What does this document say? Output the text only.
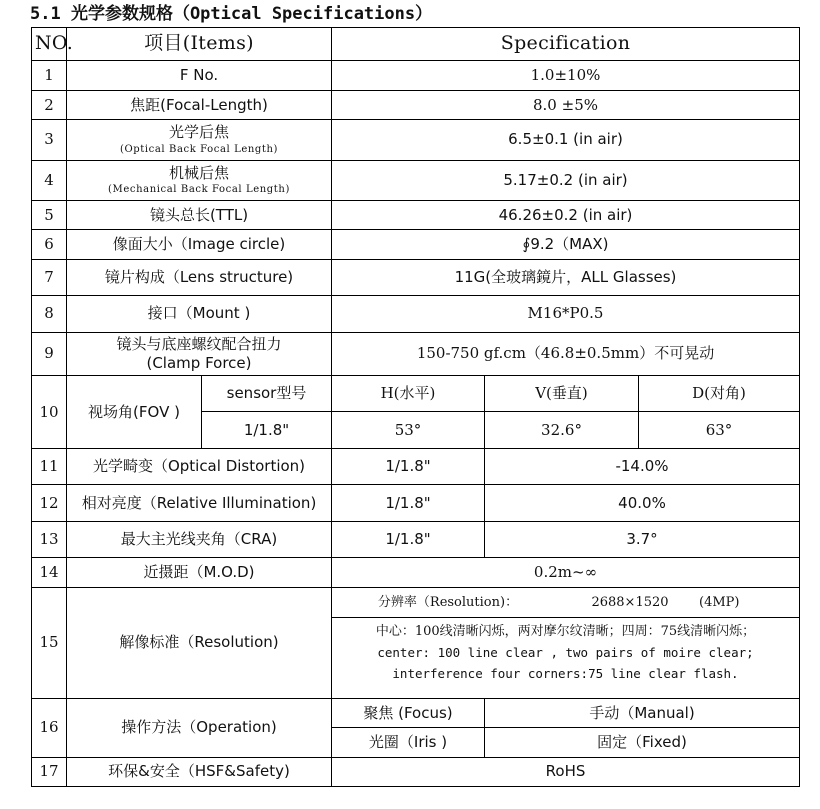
5.1 光学参数规格（Optical Specifications）
NO.	项目(Items)		Specification		
1	F No.		1.0±10%		
2	焦距(Focal-Length)		8.0 ±5%		
3	光学后焦
(Optical Back Focal Length)		6.5±0.1 (in air)		
4	机械后焦
(Mechanical Back Focal Length)		5.17±0.2 (in air)		
5	镜头总长(TTL)		46.26±0.2 (in air)		
6	像面大小（Image circle)		∮9.2（MAX)		
7	镜片构成（Lens structure)		11G(全玻璃鏡片，ALL Glasses)		
8	接口（Mount )		M16*P0.5		
9	镜头与底座螺纹配合扭力
(Clamp Force)		150-750 gf.cm（46.8±0.5mm）不可晃动		
10	视场角(FOV )	sensor型号	H(水平)	V(垂直)	D(对角)
		1/1.8"	53°	32.6°	63°
11	光学畸变（Optical Distortion)		1/1.8"	-14.0%	
12	相对亮度（Relative Illumination)		1/1.8"	40.0%	
13	最大主光线夹角（CRA)		1/1.8"	3.7°	
14	近摄距（M.O.D)		0.2m~∞		
15	解像标准（Resolution)		分辨率（Resolution)： 2688×1520 (4MP)		

			中心：100线清晰闪烁，两对摩尔纹清晰；四周：75线清晰闪烁；
center: 100 line clear , two pairs of moire clear;
interference four corners:75 line clear flash.		

16	操作方法（Operation)		聚焦 (Focus)	手动（Manual)	
			光圈（Iris )	固定（Fixed)	
17	环保&安全（HSF&Safety)		RoHS		
